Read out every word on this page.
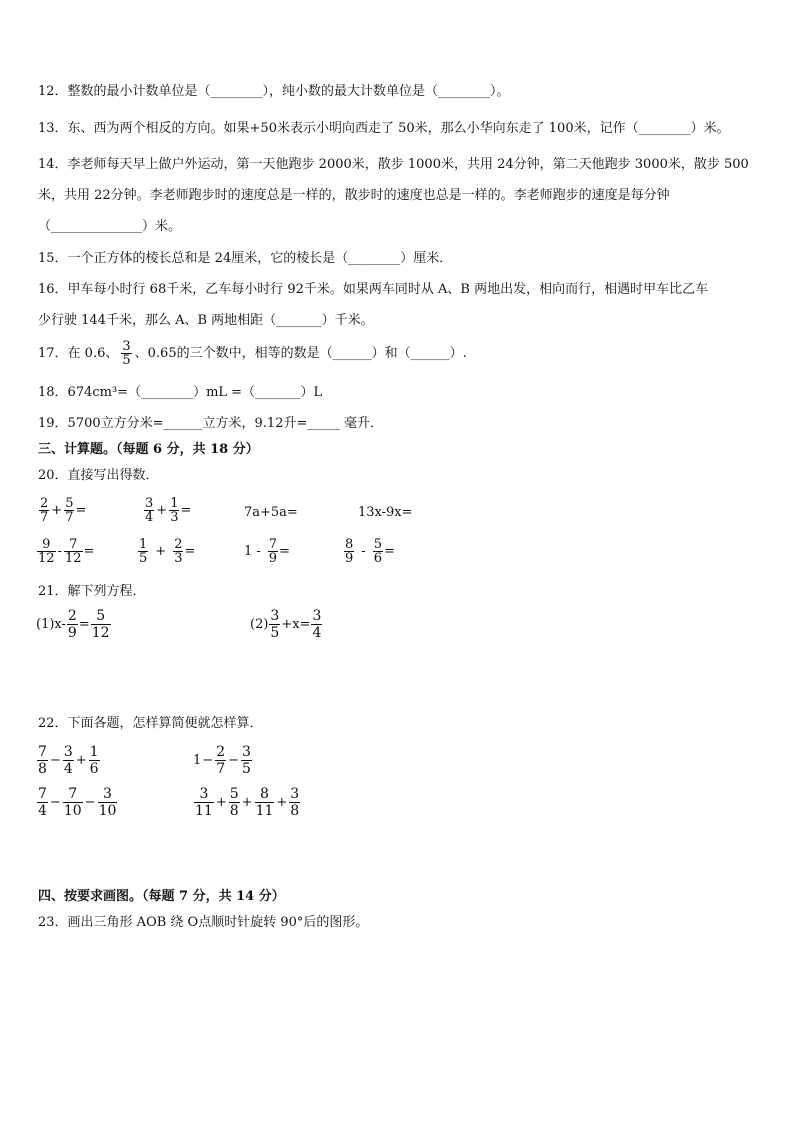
12．整数的最小计数单位是（________），纯小数的最大计数单位是（________）。
13．东、西为两个相反的方向。如果+50米表示小明向西走了 50米，那么小华向东走了 100米，记作（________）米。
14．李老师每天早上做户外运动，第一天他跑步 2000米，散步 1000米，共用 24分钟，第二天他跑步 3000米，散步 500
米，共用 22分钟。李老师跑步时的速度总是一样的，散步时的速度也总是一样的。李老师跑步的速度是每分钟
（______________）米。
15．一个正方体的棱长总和是 24厘米，它的棱长是（________）厘米．
16．甲车每小时行 68千米，乙车每小时行 92千米。如果两车同时从 A、B 两地出发，相向而行，相遇时甲车比乙车
少行驶 144千米，那么 A、B 两地相距（_______）千米。
17．在 0.6、 $\frac{3}{5}$ 、0.65的三个数中，相等的数是（______）和（______）.
18．674cm³=（________）mL =（_______）L
19．5700立方分米=______立方米，9.12升=_____ 毫升．
三、计算题。（每题 6 分，共 18 分）
20．直接写出得数．
$\frac{2}{7} + \frac{5}{7}$ =	$\frac{3}{4} + \frac{1}{3}$ =	7a+5a=	13x-9x=
$\frac{9}{12} - \frac{7}{12}$ =	$\frac{1}{5} + \frac{2}{3}$ =	$1 - \frac{7}{9}$ =	$\frac{8}{9} - \frac{5}{6}$ =
21．解下列方程．
$(1)x- \frac{2}{9} = \frac{5}{12}$	$(2) \frac{3}{5} +x= \frac{3}{4}$
22．下面各题，怎样算简便就怎样算．
$\frac{7}{8} - \frac{3}{4} + \frac{1}{6}$	$1 - \frac{2}{7} - \frac{3}{5}$
$\frac{7}{4} - \frac{7}{10} - \frac{3}{10}$	$\frac{3}{11} + \frac{5}{8} + \frac{8}{11} + \frac{3}{8}$
四、按要求画图。（每题 7 分，共 14 分）
23．画出三角形 AOB 绕 O点顺时针旋转 90°后的图形。
